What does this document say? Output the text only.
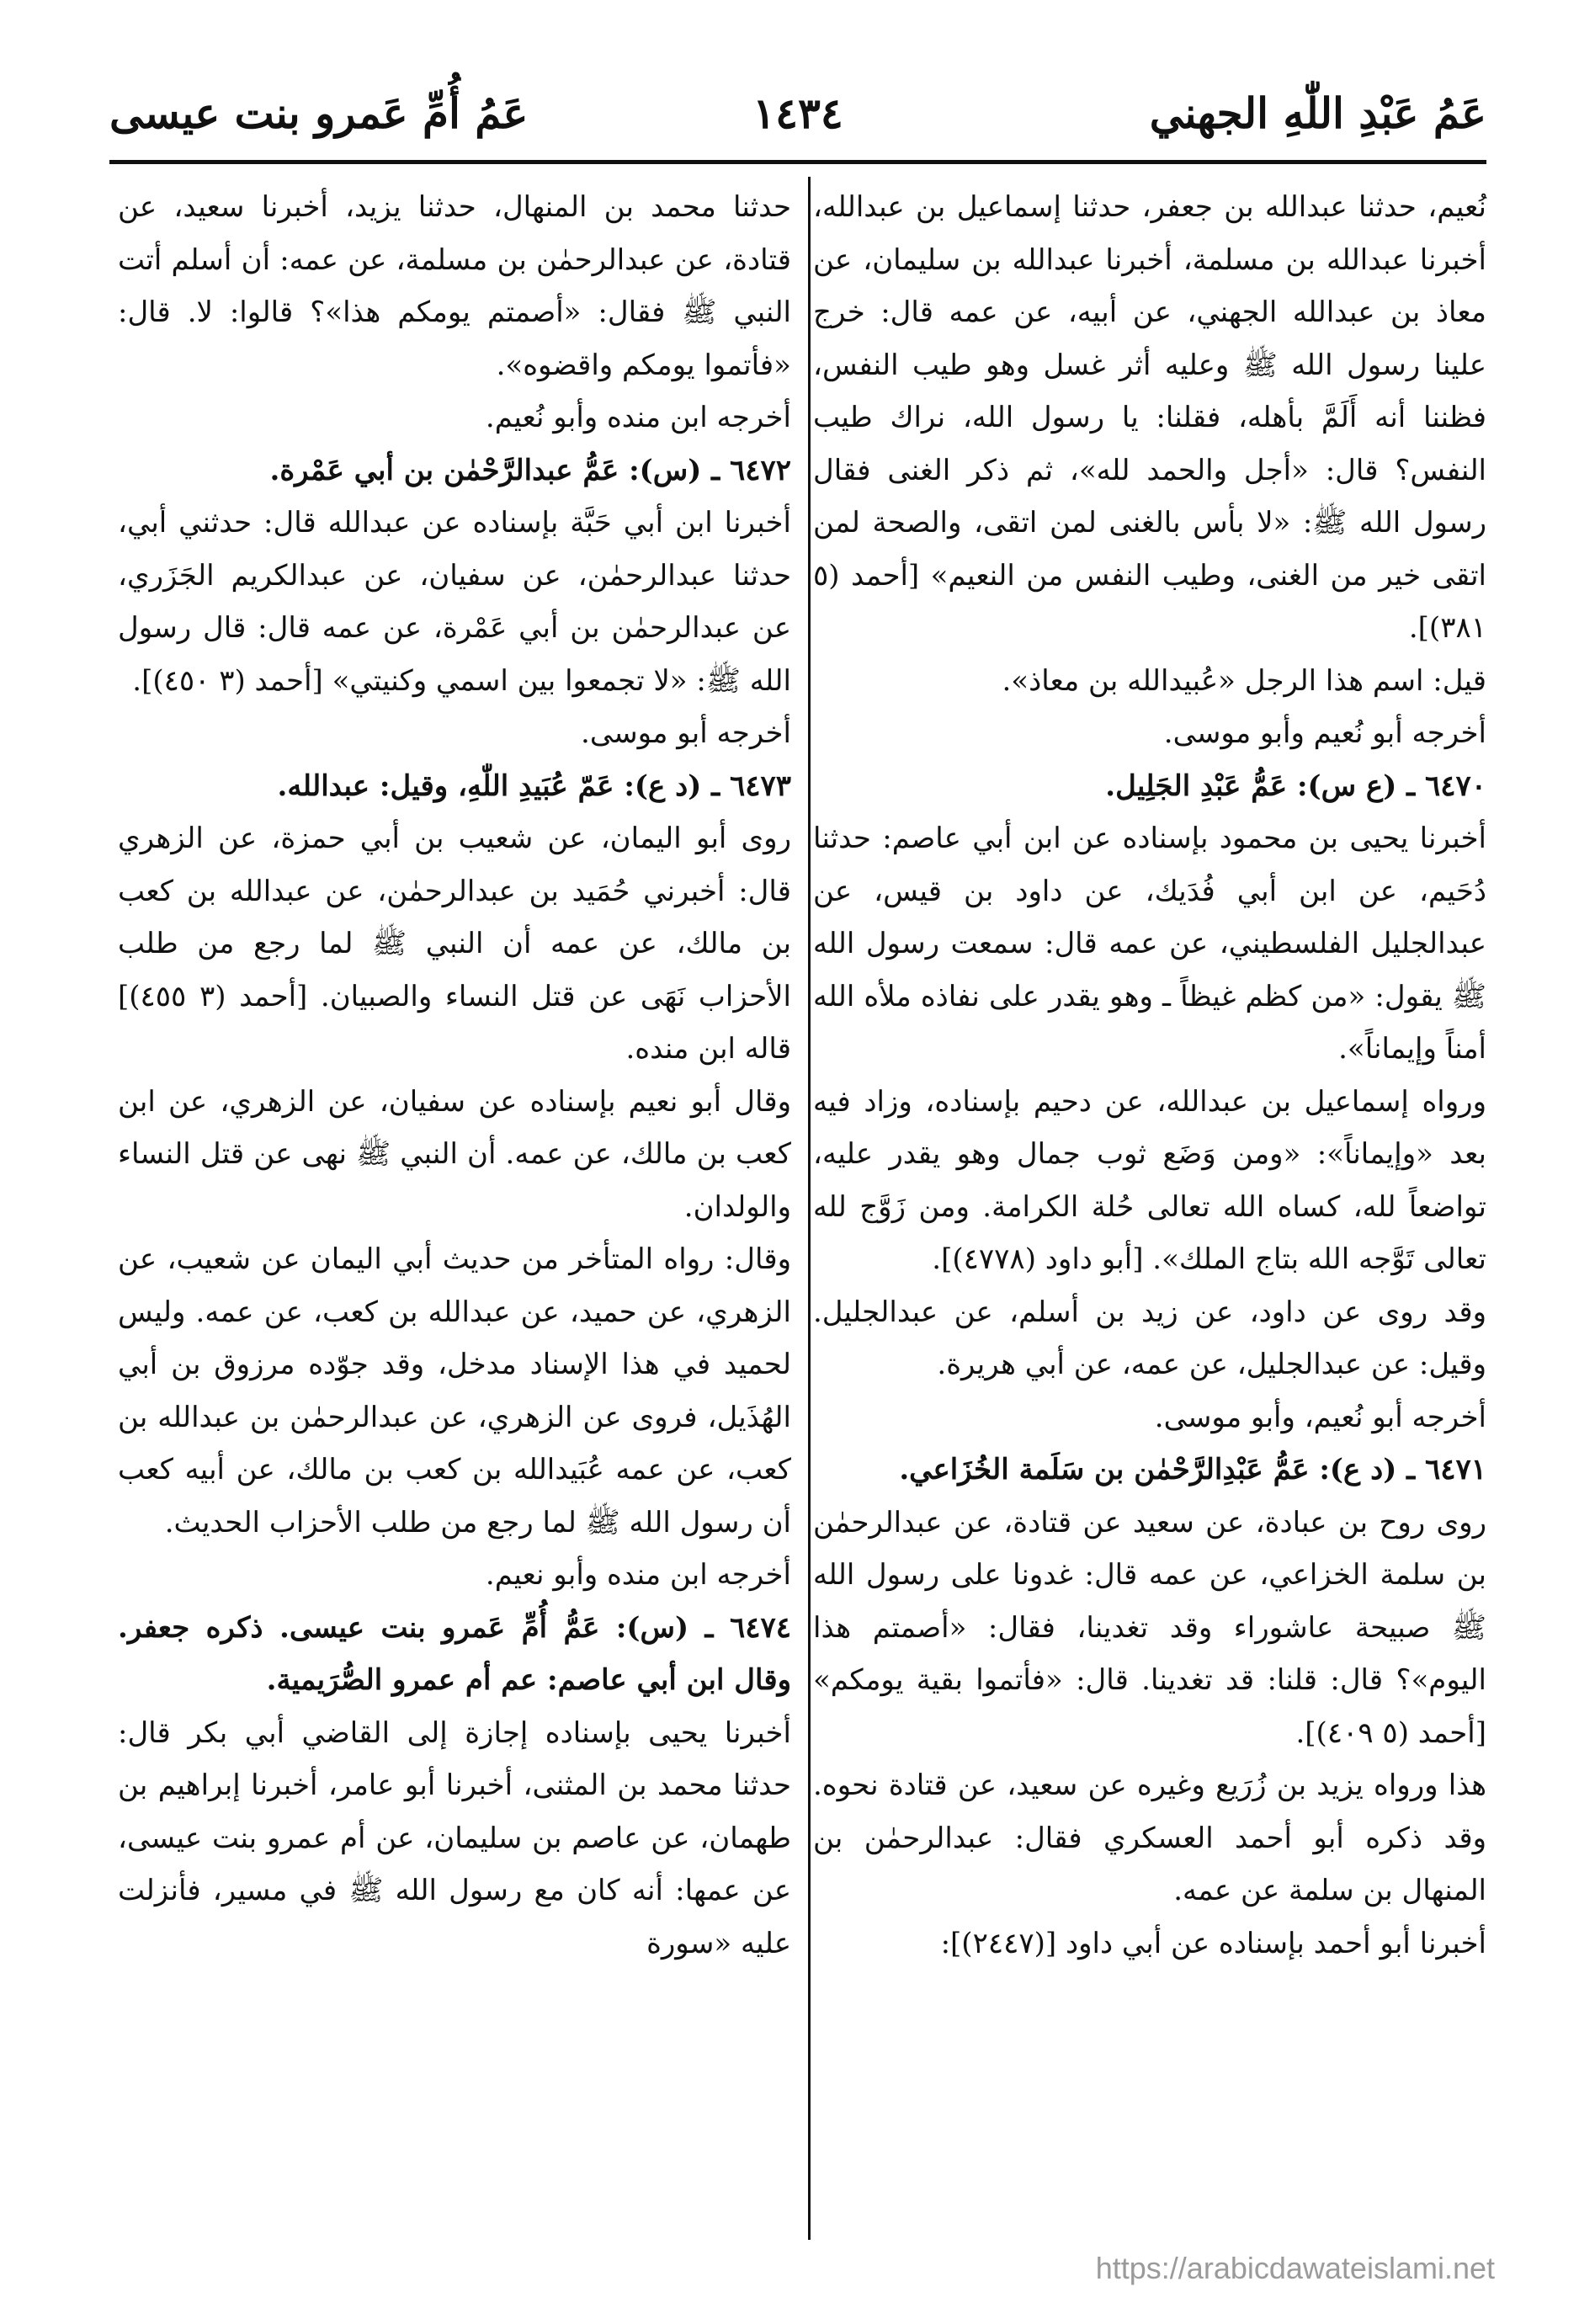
عَمُ عَبْدِ اللّٰهِ الجهني
١٤٣٤
عَمُ أُمِّ عَمرو بنت عيسى

نُعيم، حدثنا عبدالله بن جعفر، حدثنا إسماعيل بن عبدالله، أخبرنا عبدالله بن مسلمة، أخبرنا عبدالله بن سليمان، عن معاذ بن عبدالله الجهني، عن أبيه، عن عمه قال: خرج علينا رسول الله ﷺ وعليه أثر غسل وهو طيب النفس، فظننا أنه أَلَمَّ بأهله، فقلنا: يا رسول الله، نراك طيب النفس؟ قال: «أجل والحمد لله»، ثم ذكر الغنى فقال رسول الله ﷺ: «لا بأس بالغنى لمن اتقى، والصحة لمن اتقى خير من الغنى، وطيب النفس من النعيم» [أحمد (٥ ٣٨١)].

قيل: اسم هذا الرجل «عُبيدالله بن معاذ».

أخرجه أبو نُعيم وأبو موسى.

٦٤٧٠ ـ (ع س): عَمُّ عَبْدِ الجَلِيل.

أخبرنا يحيى بن محمود بإسناده عن ابن أبي عاصم: حدثنا دُحَيم، عن ابن أبي فُدَيك، عن داود بن قيس، عن عبدالجليل الفلسطيني، عن عمه قال: سمعت رسول الله ﷺ يقول: «من كظم غيظاً ـ وهو يقدر على نفاذه ملأه الله أمناً وإيماناً».

ورواه إسماعيل بن عبدالله، عن دحيم بإسناده، وزاد فيه بعد «وإيماناً»: «ومن وَضَع ثوب جمال وهو يقدر عليه، تواضعاً لله، كساه الله تعالى حُلة الكرامة. ومن زَوَّج لله تعالى تَوَّجه الله بتاج الملك». [أبو داود (٤٧٧٨)].

وقد روى عن داود، عن زيد بن أسلم، عن عبدالجليل. وقيل: عن عبدالجليل، عن عمه، عن أبي هريرة.

أخرجه أبو نُعيم، وأبو موسى.

٦٤٧١ ـ (د ع): عَمُّ عَبْدِالرَّحْمٰن بن سَلَمة الخُزَاعي.

روى روح بن عبادة، عن سعيد عن قتادة، عن عبدالرحمٰن بن سلمة الخزاعي، عن عمه قال: غدونا على رسول الله ﷺ صبيحة عاشوراء وقد تغدينا، فقال: «أصمتم هذا اليوم»؟ قال: قلنا: قد تغدينا. قال: «فأتموا بقية يومكم» [أحمد (٥ ٤٠٩)].

هذا ورواه يزيد بن زُرَيع وغيره عن سعيد، عن قتادة نحوه. وقد ذكره أبو أحمد العسكري فقال: عبدالرحمٰن بن المنهال بن سلمة عن عمه.

أخبرنا أبو أحمد بإسناده عن أبي داود [(٢٤٤٧)]:

حدثنا محمد بن المنهال، حدثنا يزيد، أخبرنا سعيد، عن قتادة، عن عبدالرحمٰن بن مسلمة، عن عمه: أن أسلم أتت النبي ﷺ فقال: «أصمتم يومكم هذا»؟ قالوا: لا. قال: «فأتموا يومكم واقضوه».

أخرجه ابن منده وأبو نُعيم.

٦٤٧٢ ـ (س): عَمُّ عبدالرَّحْمٰن بن أبي عَمْرة.

أخبرنا ابن أبي حَبَّة بإسناده عن عبدالله قال: حدثني أبي، حدثنا عبدالرحمٰن، عن سفيان، عن عبدالكريم الجَزَري، عن عبدالرحمٰن بن أبي عَمْرة، عن عمه قال: قال رسول الله ﷺ: «لا تجمعوا بين اسمي وكنيتي» [أحمد (٣ ٤٥٠)].

أخرجه أبو موسى.

٦٤٧٣ ـ (د ع): عَمّ عُبَيدِ اللّٰهِ، وقيل: عبدالله.

روى أبو اليمان، عن شعيب بن أبي حمزة، عن الزهري قال: أخبرني حُمَيد بن عبدالرحمٰن، عن عبدالله بن كعب بن مالك، عن عمه أن النبي ﷺ لما رجع من طلب الأحزاب نَهَى عن قتل النساء والصبيان. [أحمد (٣ ٤٥٥)] قاله ابن منده.

وقال أبو نعيم بإسناده عن سفيان، عن الزهري، عن ابن كعب بن مالك، عن عمه. أن النبي ﷺ نهى عن قتل النساء والولدان.

وقال: رواه المتأخر من حديث أبي اليمان عن شعيب، عن الزهري، عن حميد، عن عبدالله بن كعب، عن عمه. وليس لحميد في هذا الإسناد مدخل، وقد جوّده مرزوق بن أبي الهُذَيل، فروى عن الزهري، عن عبدالرحمٰن بن عبدالله بن كعب، عن عمه عُبَيدالله بن كعب بن مالك، عن أبيه كعب أن رسول الله ﷺ لما رجع من طلب الأحزاب الحديث.

أخرجه ابن منده وأبو نعيم.

٦٤٧٤ ـ (س): عَمُّ أُمِّ عَمرو بنت عيسى. ذكره جعفر. وقال ابن أبي عاصم: عم أم عمرو الصُّرَيمية.

أخبرنا يحيى بإسناده إجازة إلى القاضي أبي بكر قال: حدثنا محمد بن المثنى، أخبرنا أبو عامر، أخبرنا إبراهيم بن طهمان، عن عاصم بن سليمان، عن أم عمرو بنت عيسى، عن عمها: أنه كان مع رسول الله ﷺ في مسير، فأنزلت عليه «سورة

https://arabicdawateislami.net
